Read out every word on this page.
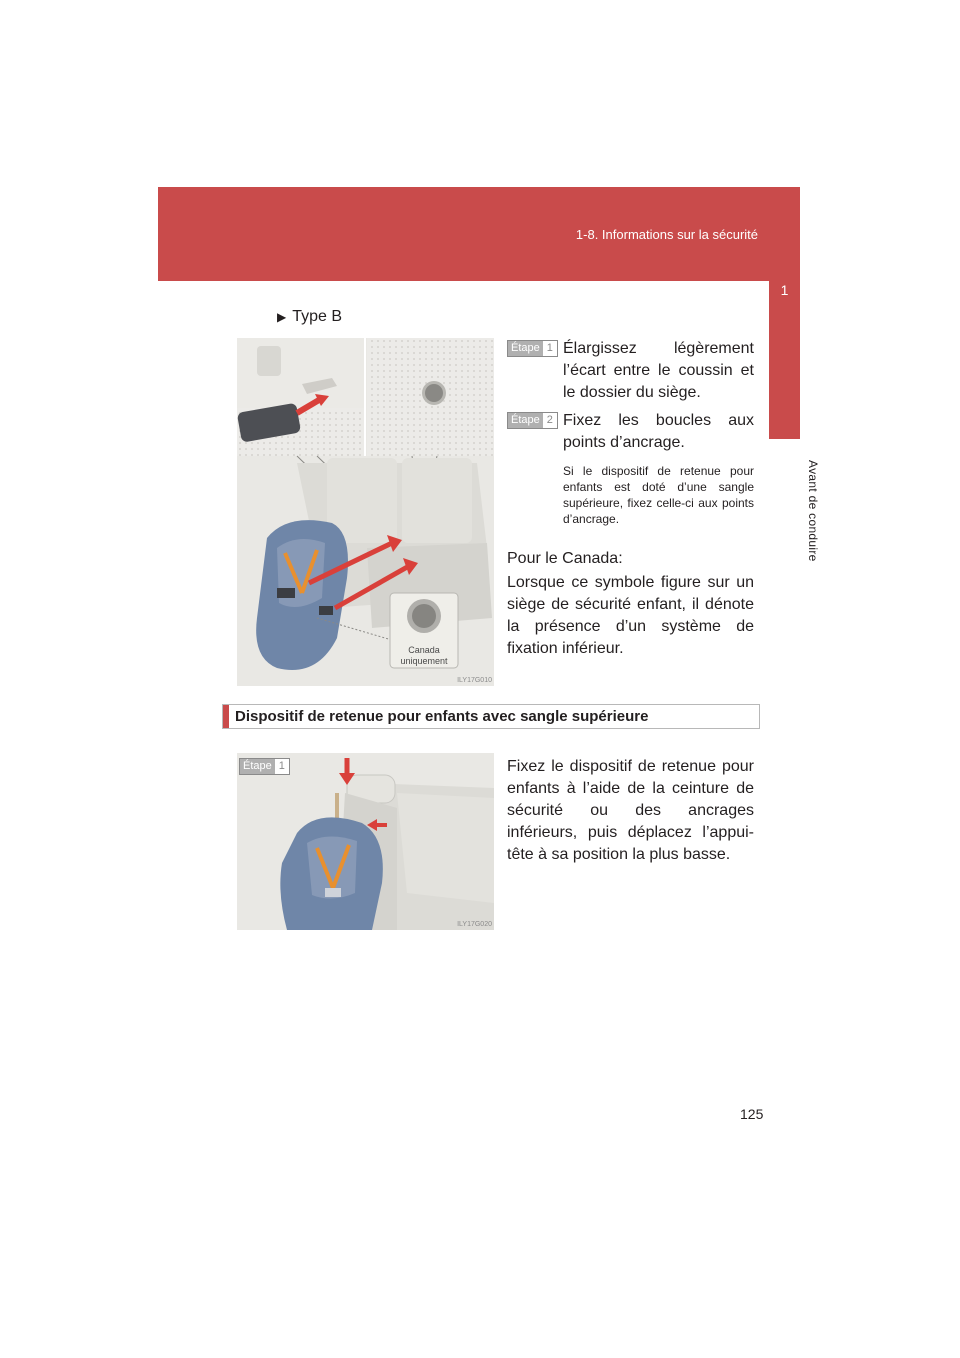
1-8. Informations sur la sécurité
1
Avant de conduire
▶ Type B
Canada
uniquement
ILY17G010
Étape 1 Élargissez légèrement l’écart entre le coussin et le dossier du siège.
Étape 2 Fixez les boucles aux points d’ancrage.
Si le dispositif de retenue pour enfants est doté d’une sangle supérieure, fixez celle-ci aux points d’ancrage.
Pour le Canada:
Lorsque ce symbole figure sur un siège de sécurité enfant, il dénote la présence d’un système de fixation inférieur.
Dispositif de retenue pour enfants avec sangle supérieure
Étape 1
ILY17G020
Fixez le dispositif de retenue pour enfants à l’aide de la ceinture de sécurité ou des ancrages inférieurs, puis déplacez l’appui-tête à sa position la plus basse.
125
